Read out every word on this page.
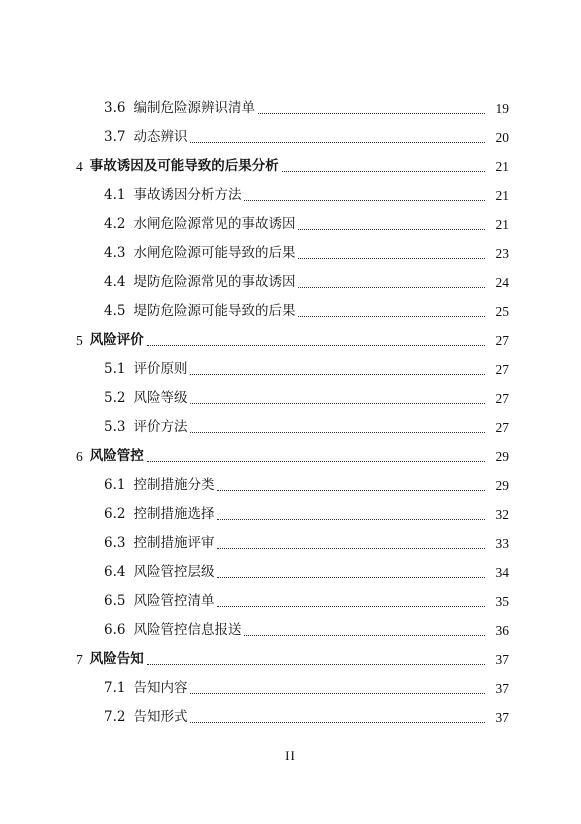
3.6 编制危险源辨识清单	19
3.7 动态辨识	20
4 事故诱因及可能导致的后果分析	21
4.1 事故诱因分析方法	21
4.2 水闸危险源常见的事故诱因	21
4.3 水闸危险源可能导致的后果	23
4.4 堤防危险源常见的事故诱因	24
4.5 堤防危险源可能导致的后果	25
5 风险评价	27
5.1 评价原则	27
5.2 风险等级	27
5.3 评价方法	27
6 风险管控	29
6.1 控制措施分类	29
6.2 控制措施选择	32
6.3 控制措施评审	33
6.4 风险管控层级	34
6.5 风险管控清单	35
6.6 风险管控信息报送	36
7 风险告知	37
7.1 告知内容	37
7.2 告知形式	37
II
